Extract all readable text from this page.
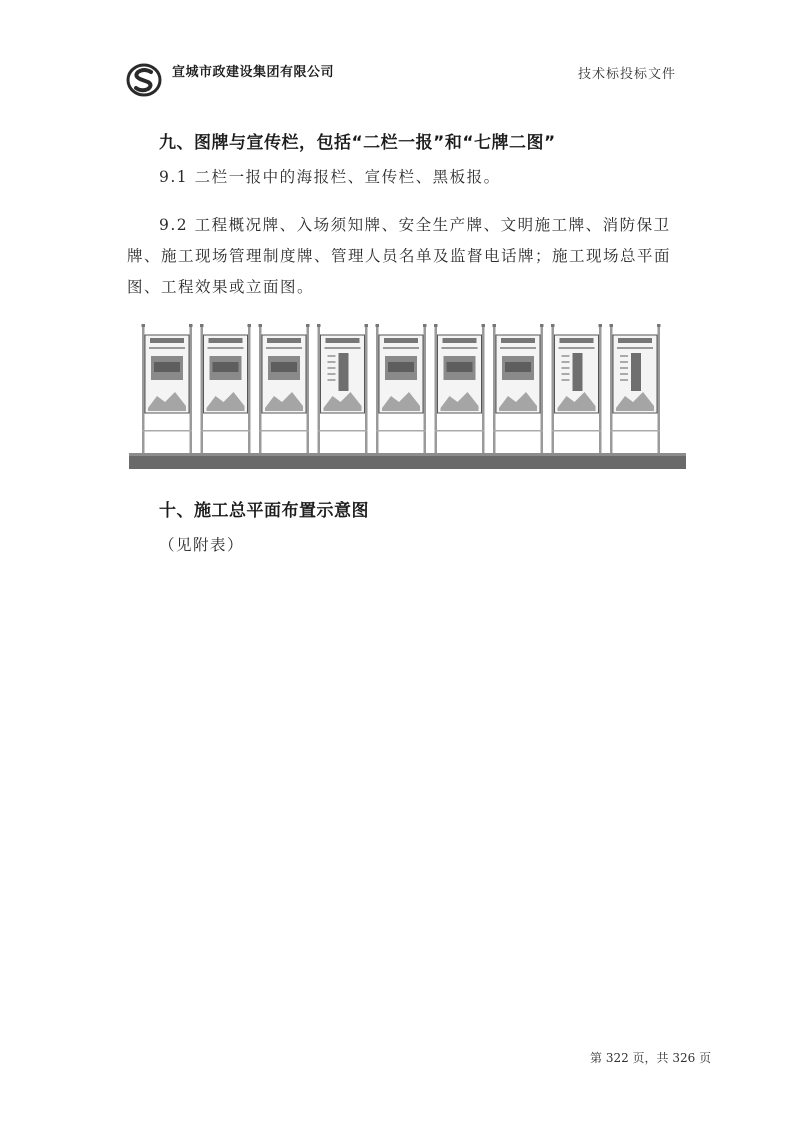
宣城市政建设集团有限公司	技术标投标文件
九、图牌与宣传栏，包括“二栏一报”和“七牌二图”
9.1 二栏一报中的海报栏、宣传栏、黑板报。
9.2 工程概况牌、入场须知牌、安全生产牌、文明施工牌、消防保卫牌、施工现场管理制度牌、管理人员名单及监督电话牌；施工现场总平面图、工程效果或立面图。
十、施工总平面布置示意图
（见附表）
第 322 页，共 326 页
